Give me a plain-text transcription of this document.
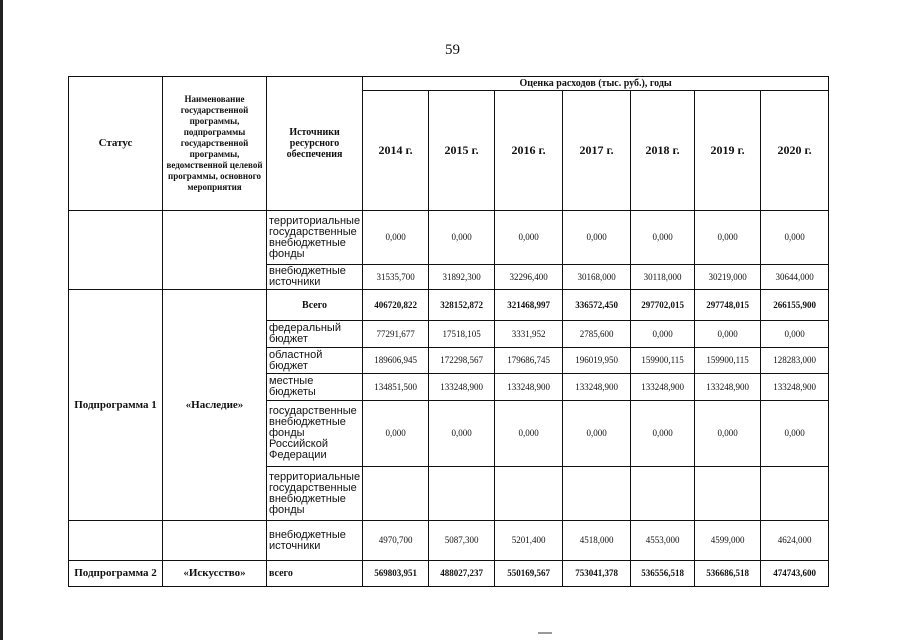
59
Статус	Наименование государственной программы, подпрограммы государственной программы, ведомственной целевой программы, основного мероприятия	Источники ресурсного обеспечения	Оценка расходов (тыс. руб.), годы						
			2014 г.	2015 г.	2016 г.	2017 г.	2018 г.	2019 г.	2020 г.
		территориальные государственные внебюджетные фонды	0,000	0,000	0,000	0,000	0,000	0,000	0,000
		внебюджетные источники	31535,700	31892,300	32296,400	30168,000	30118,000	30219,000	30644,000
Подпрограмма 1	«Наследие»	Всего	406720,822	328152,872	321468,997	336572,450	297702,015	297748,015	266155,900
		федеральный бюджет	77291,677	17518,105	3331,952	2785,600	0,000	0,000	0,000
		областной бюджет	189606,945	172298,567	179686,745	196019,950	159900,115	159900,115	128283,000
		местные бюджеты	134851,500	133248,900	133248,900	133248,900	133248,900	133248,900	133248,900
		государственные внебюджетные фонды Российской Федерации	0,000	0,000	0,000	0,000	0,000	0,000	0,000
		территориальные государственные внебюджетные фонды							
		внебюджетные источники	4970,700	5087,300	5201,400	4518,000	4553,000	4599,000	4624,000
Подпрограмма 2	«Искусство»	всего	569803,951	488027,237	550169,567	753041,378	536556,518	536686,518	474743,600
